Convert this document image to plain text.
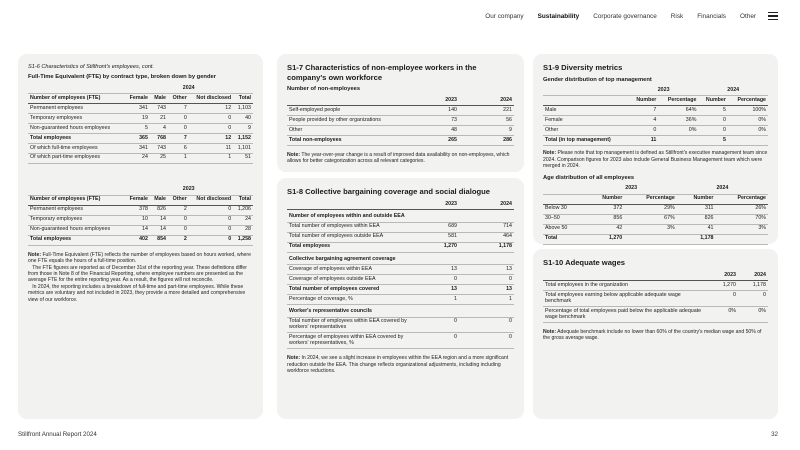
Our company Sustainability Corporate governance Risk Financials Other
S1-6 Characteristics of Stillfront's employees, cont.
Full-Time Equivalent (FTE) by contract type, broken down by gender
	2024				
Number of employees (FTE)	Female	Male	Other	Not disclosed	Total
Permanent employees	341	743	7	12	1,103
Temporary employees	19	21	0	0	40
Non-guaranteed hours employees	5	4	0	0	9
Total employees	365	768	7	12	1,152
Of which full-time employees	341	743	6	11	1,101
Of which part-time employees	24	25	1	1	51
	2023				
Number of employees (FTE)	Female	Male	Other	Not disclosed	Total
Permanent employees	378	826	2	0	1,206
Temporary employees	10	14	0	0	24
Non-guaranteed hours employees	14	14	0	0	28
Total employees	402	854	2	0	1,258
Note: Full-Time Equivalent (FTE) reflects the number of employees based on hours worked, where one FTE equals the hours of a full-time position.
The FTE figures are reported as of December 31st of the reporting year. These definitions differ from those in Note 8 of the Financial Reporting, where employee numbers are presented as the average FTE for the entire reporting year. As a result, the figures will not reconcile.
In 2024, the reporting includes a breakdown of full-time and part-time employees. While these metrics are voluntary and not included in 2023, they provide a more detailed and comprehensive view of our workforce.
S1-7 Characteristics of non-employee workers in the company's own workforce
Number of non-employees
	2023	2024
Self-employed people	140	221
People provided by other organizations	73	56
Other	48	9
Total non-employees	265	286
Note: The year-over-year change is a result of improved data availability on non-employees, which allows for better categorization across all relevant categories.
S1-8 Collective bargaining coverage and social dialogue
	2023	2024
Number of employees within and outside EEA		
Total number of employees within EEA	689	714
Total number of employees outside EEA	581	464
Total employees	1,270	1,178
Collective bargaining agreement coverage		
Coverage of employees within EEA	13	13
Coverage of employees outside EEA	0	0
Total number of employees covered	13	13
Percentage of coverage, %	1	1
Worker's representative councils		
Total number of employees within EEA covered by workers' representatives	0	0
Percentage of employees within EEA covered by workers' representatives, %	0	0
Note: In 2024, we see a slight increase in employees within the EEA region and a more significant reduction outside the EEA. This change reflects organizational adjustments, including including workforce reductions.
S1-9 Diversity metrics
Gender distribution of top management
	2023		2024	
	Number	Percentage	Number	Percentage
Male	7	64%	5	100%
Female	4	36%	0	0%
Other	0	0%	0	0%
Total (in top management)	11		5	
Note: Please note that top management is defined as Stillfront's executive management team since 2024. Comparison figures for 2023 also include General Business Management team which were merged in 2024.
Age distribution of all employees
	2023		2024	
	Number	Percentage	Number	Percentage
Below 30	372	29%	311	26%
30–50	856	67%	826	70%
Above 50	42	3%	41	3%
Total	1,270		1,178	
S1-10 Adequate wages
	2023	2024
Total employees in the organization	1,270	1,178
Total employees earning below applicable adequate wage benchmark	0	0
Percentage of total employees paid below the applicable adequate wage benchmark	0%	0%
Note: Adequate benchmark include no lower than 60% of the country's median wage and 50% of the gross average wage.
Stillfront Annual Report 2024	32
